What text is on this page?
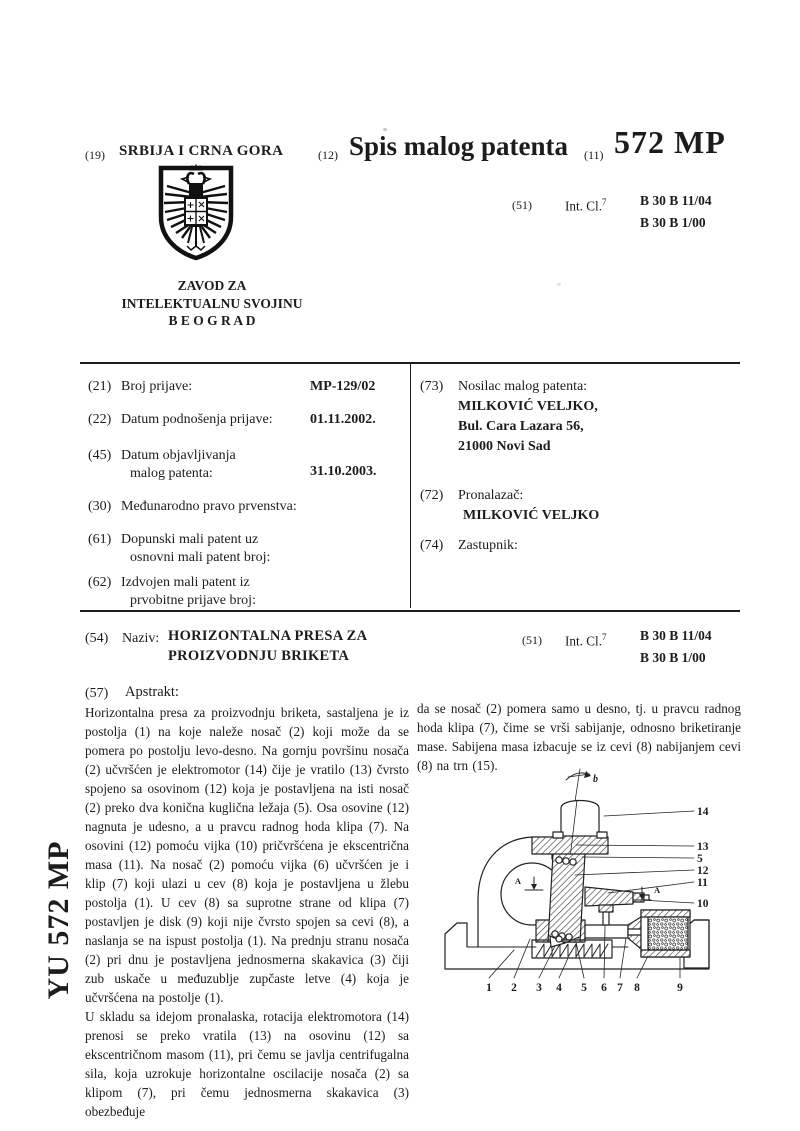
(19) SRBIJA I CRNA GORA	(12) Spis malog patenta (11) 572 MP
(51)	Int. Cl.$^7$ B 30 B 11/04
B 30 B 1/00
ZAVOD ZA
INTELEKTUALNU SVOJINU
B E O G R A D
(21) Broj prijave:	MP-129/02
(22) Datum podnošenja prijave:	01.11.2002.
(45) Datum objavljivanja
malog patenta:	31.10.2003.
(30) Međunarodno pravo prvenstva:
(61) Dopunski mali patent uz
osnovni mali patent broj:
(62) Izdvojen mali patent iz
prvobitne prijave broj:
(73) Nosilac malog patenta:
MILKOVIĆ VELJKO,
Bul. Cara Lazara 56,
21000 Novi Sad
(72) Pronalazač:
MILKOVIĆ VELJKO
(74) Zastupnik:
(54) Naziv: HORIZONTALNA PRESA ZA
PROIZVODNJU BRIKETA
(51) Int. Cl.$^7$ B 30 B 11/04
B 30 B 1/00
(57) Apstrakt:
Horizontalna presa za proizvodnju briketa, sastaljena je iz postolja (1) na koje naleže nosač (2) koji može da se pomera po postolju levo-desno. Na gornju površinu nosača (2) učvršćen je elektromotor (14) čije je vratilo (13) čvrsto spojeno sa osovinom (12) koja je postavljena na isti nosač (2) preko dva konična kuglična ležaja (5). Osa osovine (12) nagnuta je udesno, a u pravcu radnog hoda klipa (7). Na osovini (12) pomoću vijka (10) pričvršćena je ekscentrična masa (11). Na nosač (2) pomoću vijka (6) učvršćen je i klip (7) koji ulazi u cev (8) koja je postavljena u žlebu postolja (1). U cev (8) sa suprotne strane od klipa (7) postavljen je disk (9) koji nije čvrsto spojen sa cevi (8), a naslanja se na ispust postolja (1). Na prednju stranu nosača (2) pri dnu je postavljena jednosmerna skakavica (3) čiji zub uskače u međuzublje zupčaste letve (4) koja je učvršćena na postolje (1).
U skladu sa idejom pronalaska, rotacija elektromotora (14) prenosi se preko vratila (13) na osovinu (12) sa ekscentričnom masom (11), pri čemu se javlja centrifugalna sila, koja uzrokuje horizontalne oscilacije nosača (2) sa klipom (7), pri čemu jednosmerna skakavica (3) obezbeđuje
da se nosač (2) pomera samo u desno, tj. u pravcu radnog hoda klipa (7), čime se vrši sabijanje, odnosno briketiranje mase. Sabijena masa izbacuje se iz cevi (8) nabijanjem cevi (8) na trn (15).
b
A
A
14
13
5
12
11
10
1 2 3 4 5 6 7 8	9
YU 572 MP
